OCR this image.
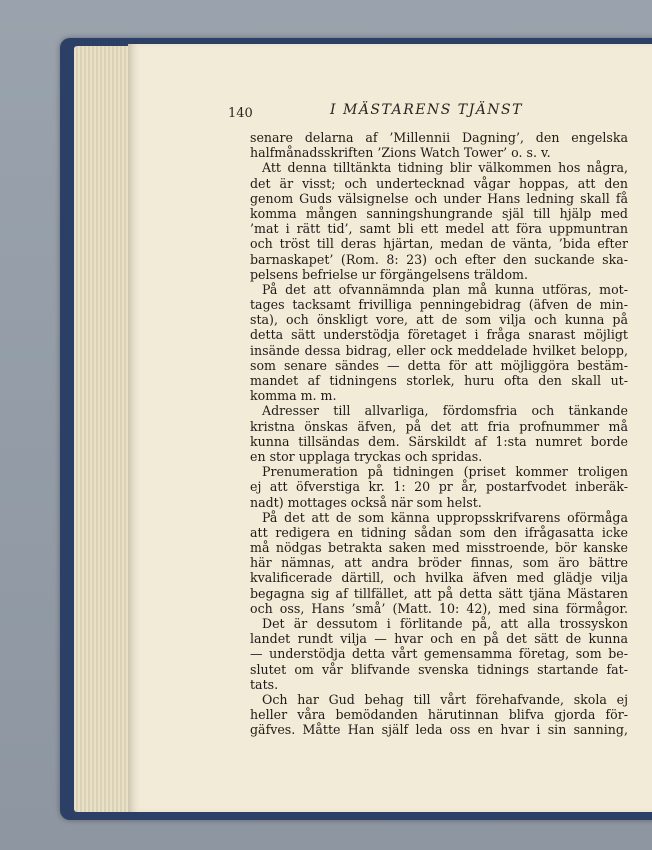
140	I MÄSTARENS TJÄNST
senare delarna af ’Millennii Dagning’, den engelska
halfmånadsskriften ’Zions Watch Tower’ o. s. v.
Att denna tilltänkta tidning blir välkommen hos några,
det är visst; och undertecknad vågar hoppas, att den
genom Guds välsignelse och under Hans ledning skall få
komma mången sanningshungrande själ till hjälp med
’mat i rätt tid’, samt bli ett medel att föra uppmuntran
och tröst till deras hjärtan, medan de vänta, ’bida efter
barnaskapet’ (Rom. 8: 23) och efter den suckande ska-
pelsens befrielse ur förgängelsens träldom.
På det att ofvannämnda plan må kunna utföras, mot-
tages tacksamt frivilliga penningebidrag (äfven de min-
sta), och önskligt vore, att de som vilja och kunna på
detta sätt understödja företaget i fråga snarast möjligt
insände dessa bidrag, eller ock meddelade hvilket belopp,
som senare sändes — detta för att möjliggöra bestäm-
mandet af tidningens storlek, huru ofta den skall ut-
komma m. m.
Adresser till allvarliga, fördomsfria och tänkande
kristna önskas äfven, på det att fria profnummer må
kunna tillsändas dem. Särskildt af 1:sta numret borde
en stor upplaga tryckas och spridas.
Prenumeration på tidningen (priset kommer troligen
ej att öfverstiga kr. 1: 20 pr år, postarfvodet inberäk-
nadt) mottages också när som helst.
På det att de som känna uppropsskrifvarens oförmåga
att redigera en tidning sådan som den ifrågasatta icke
må nödgas betrakta saken med misstroende, bör kanske
här nämnas, att andra bröder finnas, som äro bättre
kvalificerade därtill, och hvilka äfven med glädje vilja
begagna sig af tillfället, att på detta sätt tjäna Mästaren
och oss, Hans ’små’ (Matt. 10: 42), med sina förmågor.
Det är dessutom i förlitande på, att alla trossyskon
landet rundt vilja — hvar och en på det sätt de kunna
— understödja detta vårt gemensamma företag, som be-
slutet om vår blifvande svenska tidnings startande fat-
tats.
Och har Gud behag till vårt förehafvande, skola ej
heller våra bemödanden härutinnan blifva gjorda för-
gäfves. Måtte Han själf leda oss en hvar i sin sanning,
